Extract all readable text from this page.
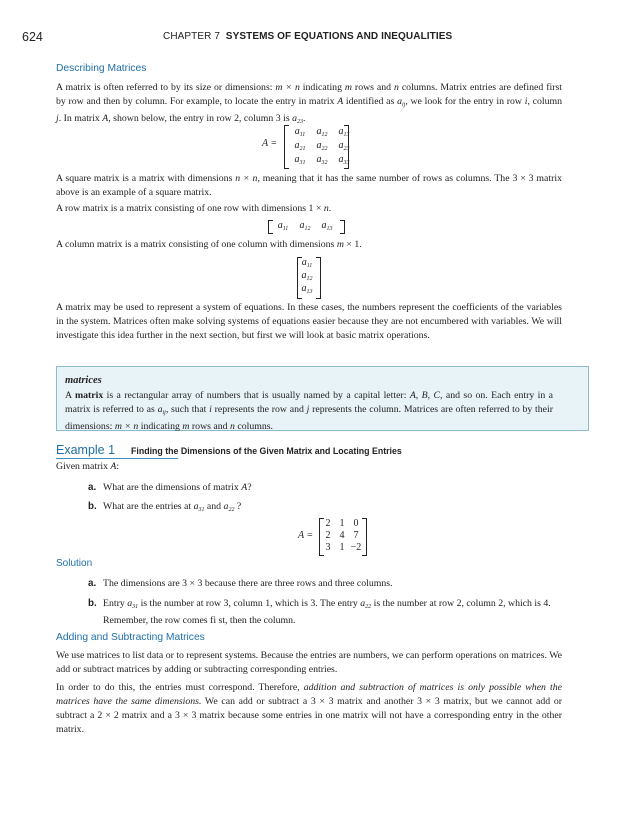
624	CHAPTER 7 SYSTEMS OF EQUATIONS AND INEQUALITIES
Describing Matrices

A matrix is often referred to by its size or dimensions: m × n indicating m rows and n columns. Matrix entries are defined first by row and then by column. For example, to locate the entry in matrix A identified as $a_{ij}$, we look for the entry in row i, column j. In matrix A, shown below, the entry in row 2, column 3 is $a_{23}$.

A =
$a_{11}$	$a_{12}$	$a_{13}$
$a_{21}$	$a_{22}$	$a_{23}$
$a_{31}$	$a_{32}$	$a_{33}$

A square matrix is a matrix with dimensions n × n, meaning that it has the same number of rows as columns. The 3 × 3 matrix above is an example of a square matrix.

A row matrix is a matrix consisting of one row with dimensions 1 × n.

$a_{11}$	$a_{12}$	$a_{13}$

A column matrix is a matrix consisting of one column with dimensions m × 1.

$a_{11}$
$a_{12}$
$a_{13}$

A matrix may be used to represent a system of equations. In these cases, the numbers represent the coefficients of the variables in the system. Matrices often make solving systems of equations easier because they are not encumbered with variables. We will investigate this idea further in the next section, but first we will look at basic matrix operations.

matrices

A matrix is a rectangular array of numbers that is usually named by a capital letter: A, B, C, and so on. Each entry in a matrix is referred to as $a_{ij}$, such that i represents the row and j represents the column. Matrices are often referred to by their dimensions: m × n indicating m rows and n columns.

Example 1 Finding the Dimensions of the Given Matrix and Locating Entries

Given matrix A:

a. What are the dimensions of matrix A?

b. What are the entries at $a_{31}$ and $a_{22}$ ?

A =
2 1 0
2 4 7
3 1 −2
Solution

a. The dimensions are 3 × 3 because there are three rows and three columns.

b. Entry $a_{31}$ is the number at row 3, column 1, which is 3. The entry $a_{22}$ is the number at row 2, column 2, which is 4. Remember, the row comes fi st, then the column.

Adding and Subtracting Matrices

We use matrices to list data or to represent systems. Because the entries are numbers, we can perform operations on matrices. We add or subtract matrices by adding or subtracting corresponding entries.

In order to do this, the entries must correspond. Therefore, addition and subtraction of matrices is only possible when the matrices have the same dimensions. We can add or subtract a 3 × 3 matrix and another 3 × 3 matrix, but we cannot add or subtract a 2 × 2 matrix and a 3 × 3 matrix because some entries in one matrix will not have a corresponding entry in the other matrix.
